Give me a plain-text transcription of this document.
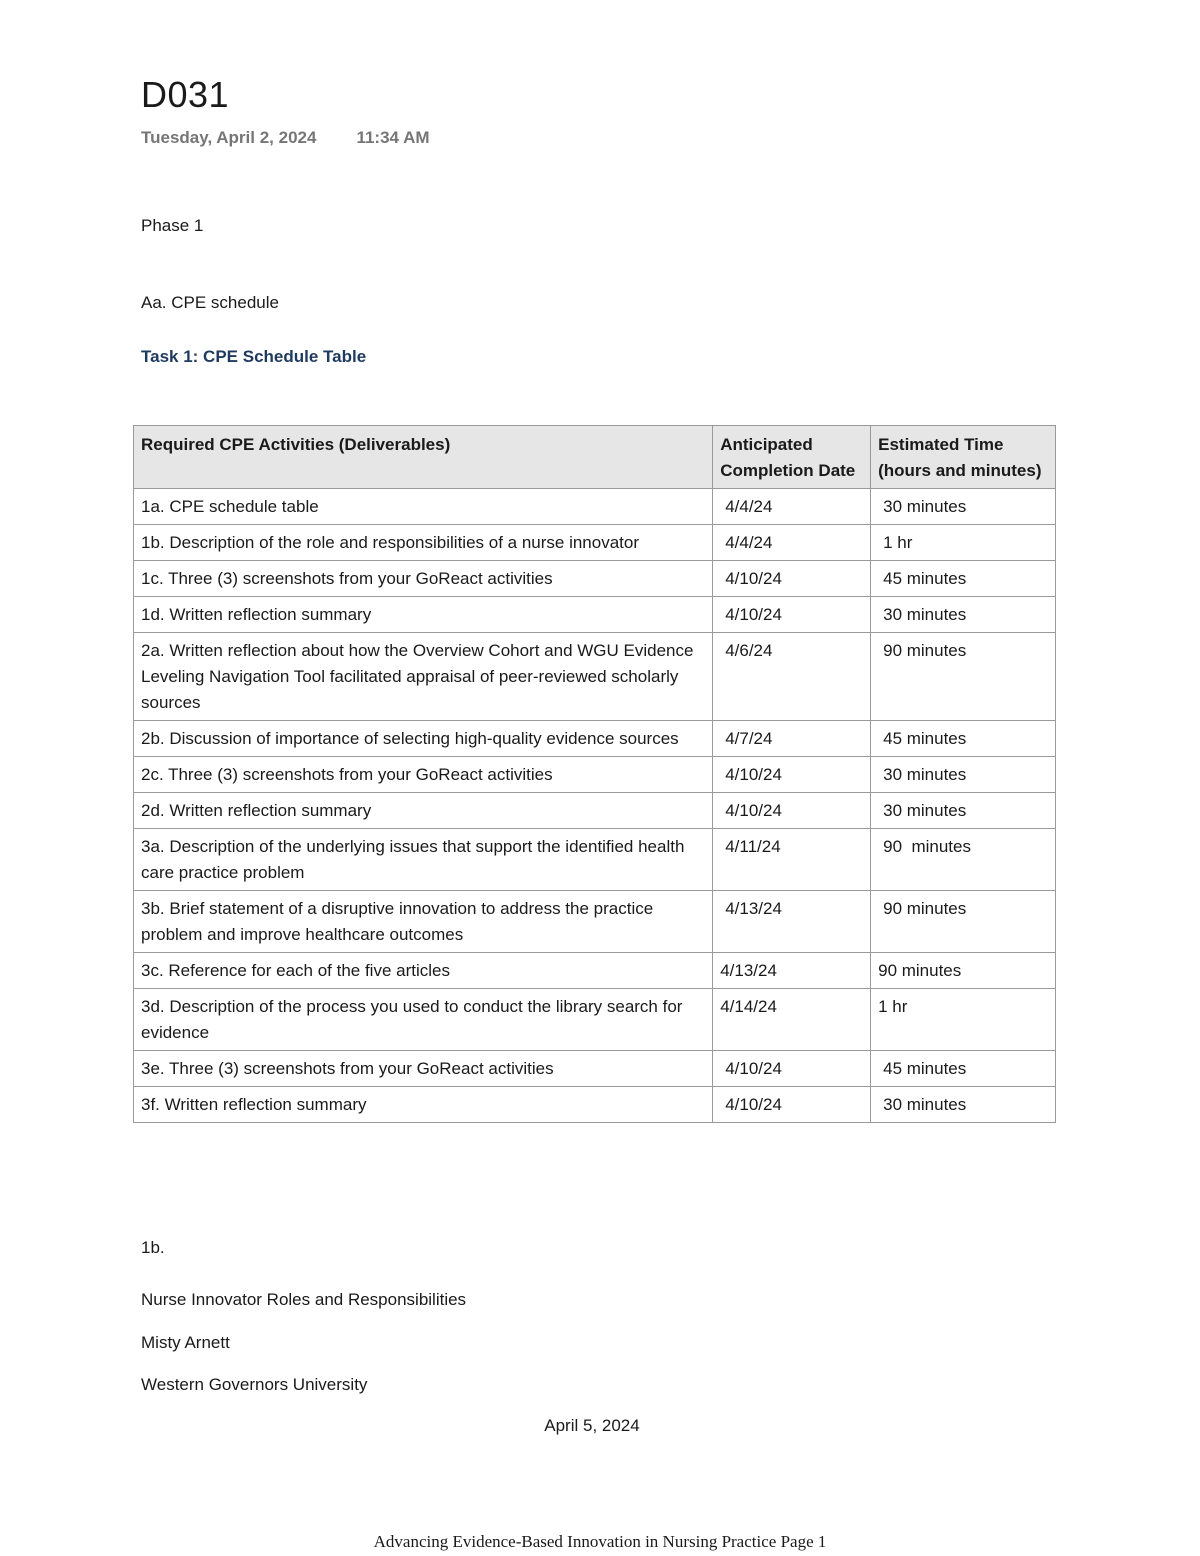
D031
Tuesday, April 2, 2024 11:34 AM
Phase 1
Aa. CPE schedule
Task 1: CPE Schedule Table
Required CPE Activities (Deliverables)	Anticipated Completion Date	Estimated Time (hours and minutes)
1a. CPE schedule table	4/4/24	30 minutes
1b. Description of the role and responsibilities of a nurse innovator	4/4/24	1 hr
1c. Three (3) screenshots from your GoReact activities	4/10/24	45 minutes
1d. Written reflection summary	4/10/24	30 minutes
2a. Written reflection about how the Overview Cohort and WGU Evidence Leveling Navigation Tool facilitated appraisal of peer-reviewed scholarly sources	4/6/24	90 minutes
2b. Discussion of importance of selecting high-quality evidence sources	4/7/24	45 minutes
2c. Three (3) screenshots from your GoReact activities	4/10/24	30 minutes
2d. Written reflection summary	4/10/24	30 minutes
3a. Description of the underlying issues that support the identified health care practice problem	4/11/24	90  minutes
3b. Brief statement of a disruptive innovation to address the practice problem and improve healthcare outcomes	4/13/24	90 minutes
3c. Reference for each of the five articles	4/13/24	90 minutes
3d. Description of the process you used to conduct the library search for evidence	4/14/24	1 hr
3e. Three (3) screenshots from your GoReact activities	4/10/24	45 minutes
3f. Written reflection summary	4/10/24	30 minutes
1b.
Nurse Innovator Roles and Responsibilities
Misty Arnett
Western Governors University
April 5, 2024
Advancing Evidence-Based Innovation in Nursing Practice Page 1
